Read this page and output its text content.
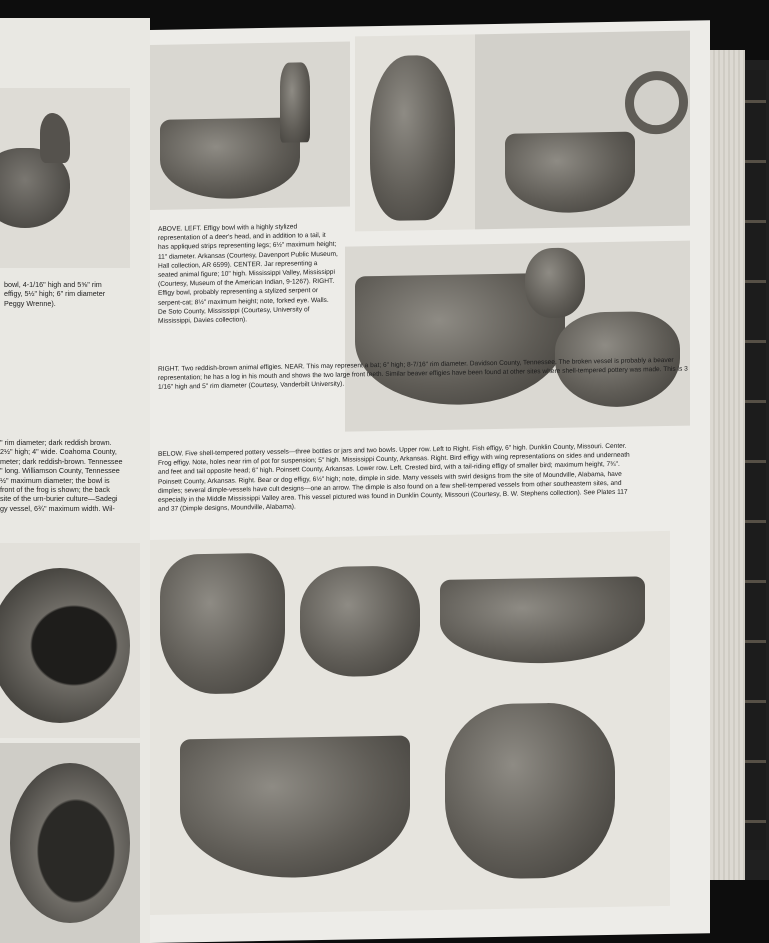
bowl, 4-1/16" high and 5⅝" rim
effigy, 5½" high; 6" rim diameter
Peggy Wrenne).
" rim diameter; dark reddish brown.
2½" high; 4" wide. Coahoma County,
meter; dark reddish-brown. Tennessee
" long. Williamson County, Tennessee
½" maximum diameter; the bowl is
front of the frog is shown; the back
site of the urn-burier culture—Sadegi
gy vessel, 6¾" maximum width. Wil-

ABOVE. LEFT. Effigy bowl with a highly stylized representation of a deer's head, and in addition to a tail, it has appliqued strips representing legs; 6½" maximum height; 11" diameter. Arkansas (Courtesy, Davenport Public Museum, Hall collection, AR 6599). CENTER. Jar representing a seated animal figure; 10" high. Mississippi Valley, Mississippi (Courtesy, Museum of the American Indian, 9-1267). RIGHT. Effigy bowl, probably representing a stylized serpent or serpent-cat; 8½" maximum height; note, forked eye. Walls. De Soto County, Mississippi (Courtesy, University of Mississippi, Davies collection).

RIGHT. Two reddish-brown animal effigies. NEAR. This may represent a bat; 6" high; 8-7/16" rim diameter. Davidson County, Tennessee. The broken vessel is probably a beaver representation; he has a log in his mouth and shows the two large front teeth. Similar beaver effigies have been found at other sites where shell-tempered pottery was made. This is 3 1/16" high and 5" rim diameter (Courtesy, Vanderbilt University).

BELOW. Five shell-tempered pottery vessels—three bottles or jars and two bowls. Upper row. Left to Right. Fish effigy, 6" high. Dunklin County, Missouri. Center. Frog effigy. Note, holes near rim of pot for suspension; 5" high. Mississippi County, Arkansas. Right. Bird effigy with wing representations on sides and underneath and feet and tail opposite head; 6" high. Poinsett County, Arkansas. Lower row. Left. Crested bird, with a tail-riding effigy of smaller bird; maximum height, 7¾". Poinsett County, Arkansas. Right. Bear or dog effigy, 6½" high; note, dimple in side. Many vessels with swirl designs from the site of Moundville, Alabama, have dimples; several dimple-vessels have cult designs—one an arrow. The dimple is also found on a few shell-tempered vessels from other southeastern sites, and especially in the Middle Mississippi Valley area. This vessel pictured was found in Dunklin County, Missouri (Courtesy, B. W. Stephens collection). See Plates 117 and 37 (Dimple designs, Moundville, Alabama).
